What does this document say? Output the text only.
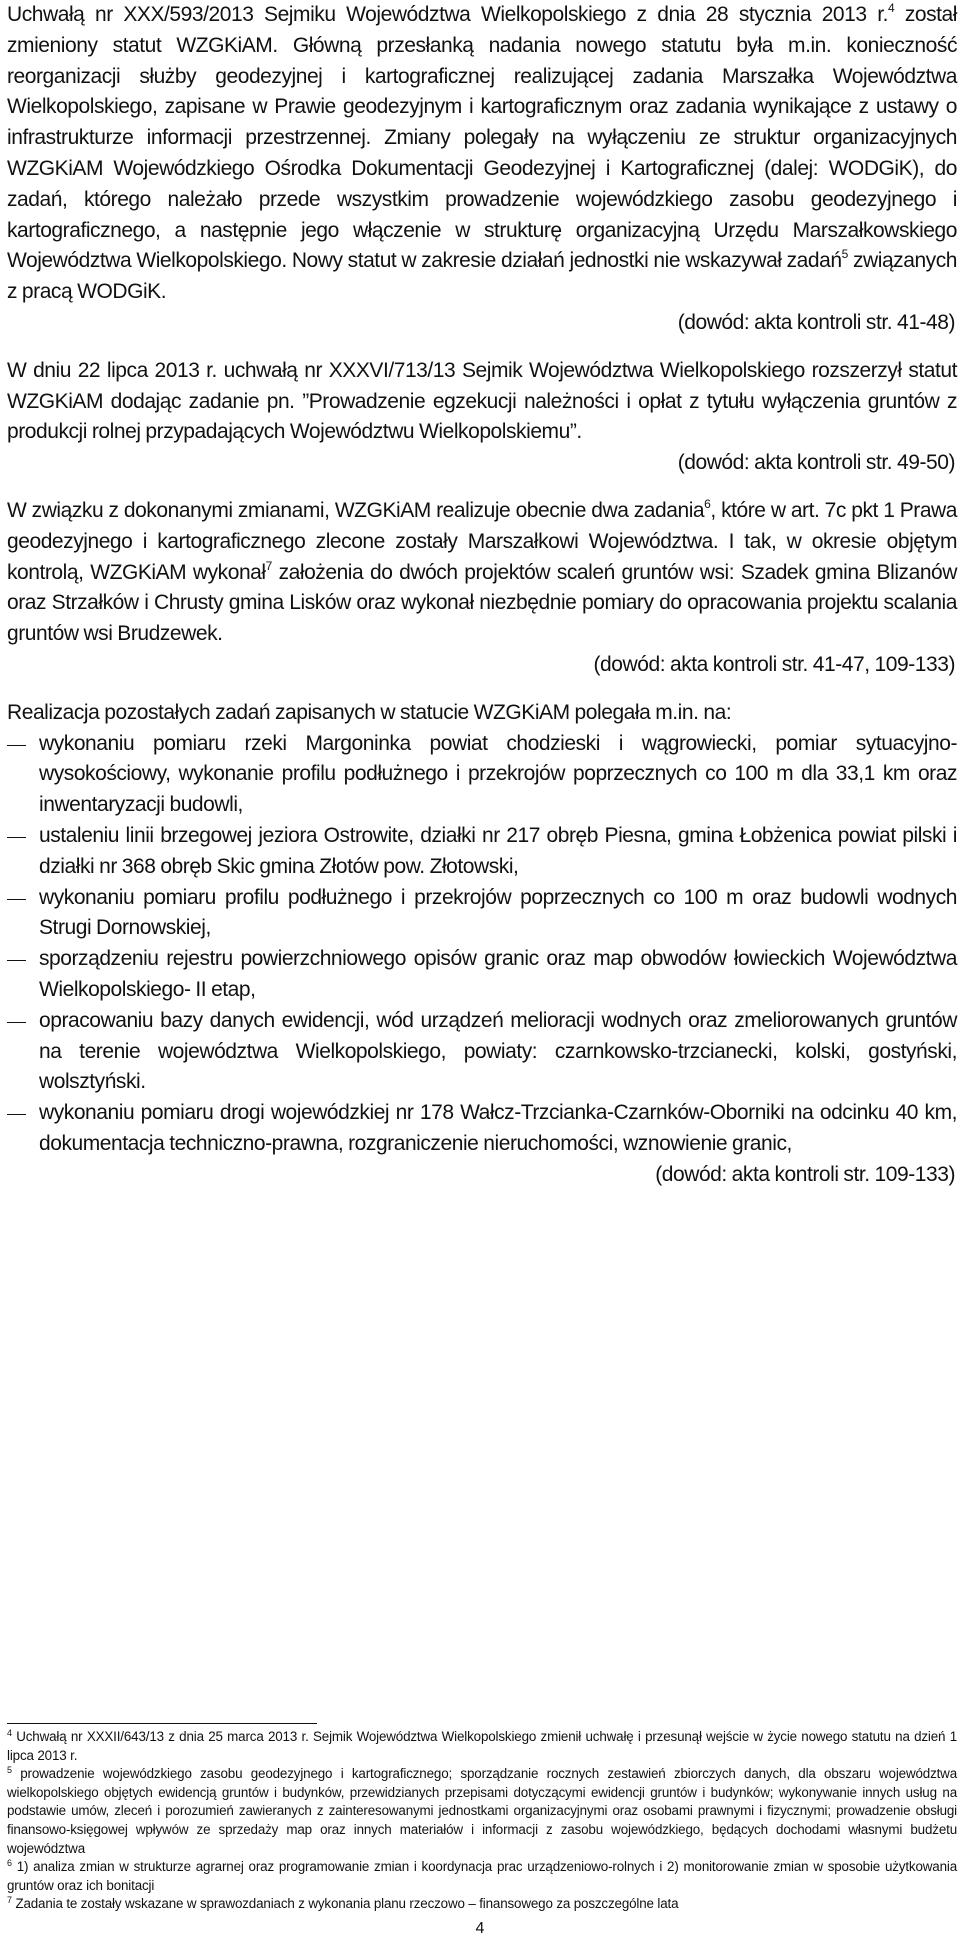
Uchwałą nr XXX/593/2013 Sejmiku Województwa Wielkopolskiego z dnia 28 stycznia 2013 r.$^4$ został zmieniony statut WZGKiAM. Główną przesłanką nadania nowego statutu była m.in. konieczność reorganizacji służby geodezyjnej i kartograficznej realizującej zadania Marszałka Województwa Wielkopolskiego, zapisane w Prawie geodezyjnym i kartograficznym oraz zadania wynikające z ustawy o infrastrukturze informacji przestrzennej. Zmiany polegały na wyłączeniu ze struktur organizacyjnych WZGKiAM Wojewódzkiego Ośrodka Dokumentacji Geodezyjnej i Kartograficznej (dalej: WODGiK), do zadań, którego należało przede wszystkim prowadzenie wojewódzkiego zasobu geodezyjnego i kartograficznego, a następnie jego włączenie w strukturę organizacyjną Urzędu Marszałkowskiego Województwa Wielkopolskiego. Nowy statut w zakresie działań jednostki nie wskazywał zadań$^5$ związanych z pracą WODGiK.

(dowód: akta kontroli str. 41-48)

W dniu 22 lipca 2013 r. uchwałą nr XXXVI/713/13 Sejmik Województwa Wielkopolskiego rozszerzył statut WZGKiAM dodając zadanie pn. ”Prowadzenie egzekucji należności i opłat z tytułu wyłączenia gruntów z produkcji rolnej przypadających Województwu Wielkopolskiemu”.

(dowód: akta kontroli str. 49-50)

W związku z dokonanymi zmianami, WZGKiAM realizuje obecnie dwa zadania$^6$, które w art. 7c pkt 1 Prawa geodezyjnego i kartograficznego zlecone zostały Marszałkowi Województwa. I tak, w okresie objętym kontrolą, WZGKiAM wykonał$^7$ założenia do dwóch projektów scaleń gruntów wsi: Szadek gmina Blizanów oraz Strzałków i Chrusty gmina Lisków oraz wykonał niezbędnie pomiary do opracowania projektu scalania gruntów wsi Brudzewek.

(dowód: akta kontroli str. 41-47, 109-133)

Realizacja pozostałych zadań zapisanych w statucie WZGKiAM polegała m.in. na:

wykonaniu pomiaru rzeki Margoninka powiat chodzieski i wągrowiecki, pomiar sytuacyjno- wysokościowy, wykonanie profilu podłużnego i przekrojów poprzecznych co 100 m dla 33,1 km oraz inwentaryzacji budowli,
ustaleniu linii brzegowej jeziora Ostrowite, działki nr 217 obręb Piesna, gmina Łobżenica powiat pilski i działki nr 368 obręb Skic gmina Złotów pow. Złotowski,
wykonaniu pomiaru profilu podłużnego i przekrojów poprzecznych co 100 m oraz budowli wodnych Strugi Dornowskiej,
sporządzeniu rejestru powierzchniowego opisów granic oraz map obwodów łowieckich Województwa Wielkopolskiego- II etap,
opracowaniu bazy danych ewidencji, wód urządzeń melioracji wodnych oraz zmeliorowanych gruntów na terenie województwa Wielkopolskiego, powiaty: czarnkowsko-trzcianecki, kolski, gostyński, wolsztyński.
wykonaniu pomiaru drogi wojewódzkiej nr 178 Wałcz-Trzcianka-Czarnków-Oborniki na odcinku 40 km, dokumentacja techniczno-prawna, rozgraniczenie nieruchomości, wznowienie granic,

(dowód: akta kontroli str. 109-133)

$^4$ Uchwałą nr XXXII/643/13 z dnia 25 marca 2013 r. Sejmik Województwa Wielkopolskiego zmienił uchwałę i przesunął wejście w życie nowego statutu na dzień 1 lipca 2013 r.

$^5$ prowadzenie wojewódzkiego zasobu geodezyjnego i kartograficznego; sporządzanie rocznych zestawień zbiorczych danych, dla obszaru województwa wielkopolskiego objętych ewidencją gruntów i budynków, przewidzianych przepisami dotyczącymi ewidencji gruntów i budynków; wykonywanie innych usług na podstawie umów, zleceń i porozumień zawieranych z zainteresowanymi jednostkami organizacyjnymi oraz osobami prawnymi i fizycznymi; prowadzenie obsługi finansowo-księgowej wpływów ze sprzedaży map oraz innych materiałów i informacji z zasobu wojewódzkiego, będących dochodami własnymi budżetu województwa

$^6$ 1) analiza zmian w strukturze agrarnej oraz programowanie zmian i koordynacja prac urządzeniowo-rolnych i 2) monitorowanie zmian w sposobie użytkowania gruntów oraz ich bonitacji

$^7$ Zadania te zostały wskazane w sprawozdaniach z wykonania planu rzeczowo – finansowego za poszczególne lata

4
